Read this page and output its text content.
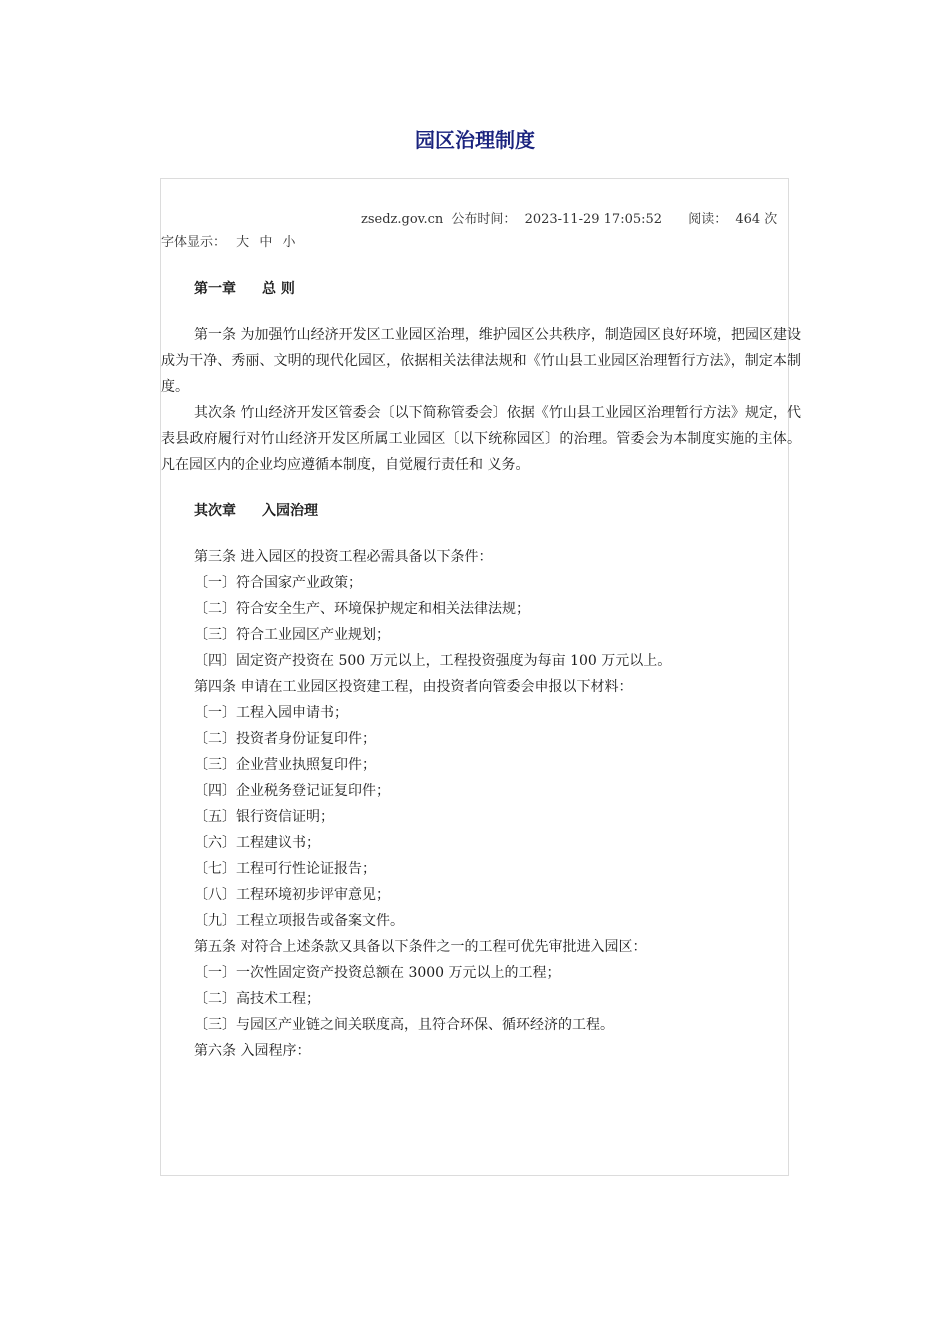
园区治理制度
zsedz.gov.cn 公布时间： 2023-11-29 17:05:52 阅读： 464 次
字体显示： 大 中 小

第一章 总 则

第一条 为加强竹山经济开发区工业园区治理，维护园区公共秩序，制造园区良好环境，把园区建设成为干净、秀丽、文明的现代化园区，依据相关法律法规和《竹山县工业园区治理暂行方法》，制定本制度。

其次条 竹山经济开发区管委会〔以下简称管委会〕依据《竹山县工业园区治理暂行方法》规定，代表县政府履行对竹山经济开发区所属工业园区〔以下统称园区〕的治理。管委会为本制度实施的主体。凡在园区内的企业均应遵循本制度，自觉履行责任和 义务。

其次章 入园治理

第三条 进入园区的投资工程必需具备以下条件：

〔一〕符合国家产业政策；

〔二〕符合安全生产、环境保护规定和相关法律法规；

〔三〕符合工业园区产业规划；

〔四〕固定资产投资在 500 万元以上，工程投资强度为每亩 100 万元以上。

第四条 申请在工业园区投资建工程，由投资者向管委会申报以下材料：

〔一〕工程入园申请书；

〔二〕投资者身份证复印件；

〔三〕企业营业执照复印件；

〔四〕企业税务登记证复印件；

〔五〕银行资信证明；

〔六〕工程建议书；

〔七〕工程可行性论证报告；

〔八〕工程环境初步评审意见；

〔九〕工程立项报告或备案文件。

第五条 对符合上述条款又具备以下条件之一的工程可优先审批进入园区：

〔一〕一次性固定资产投资总额在 3000 万元以上的工程；

〔二〕高技术工程；

〔三〕与园区产业链之间关联度高，且符合环保、循环经济的工程。

第六条 入园程序：
